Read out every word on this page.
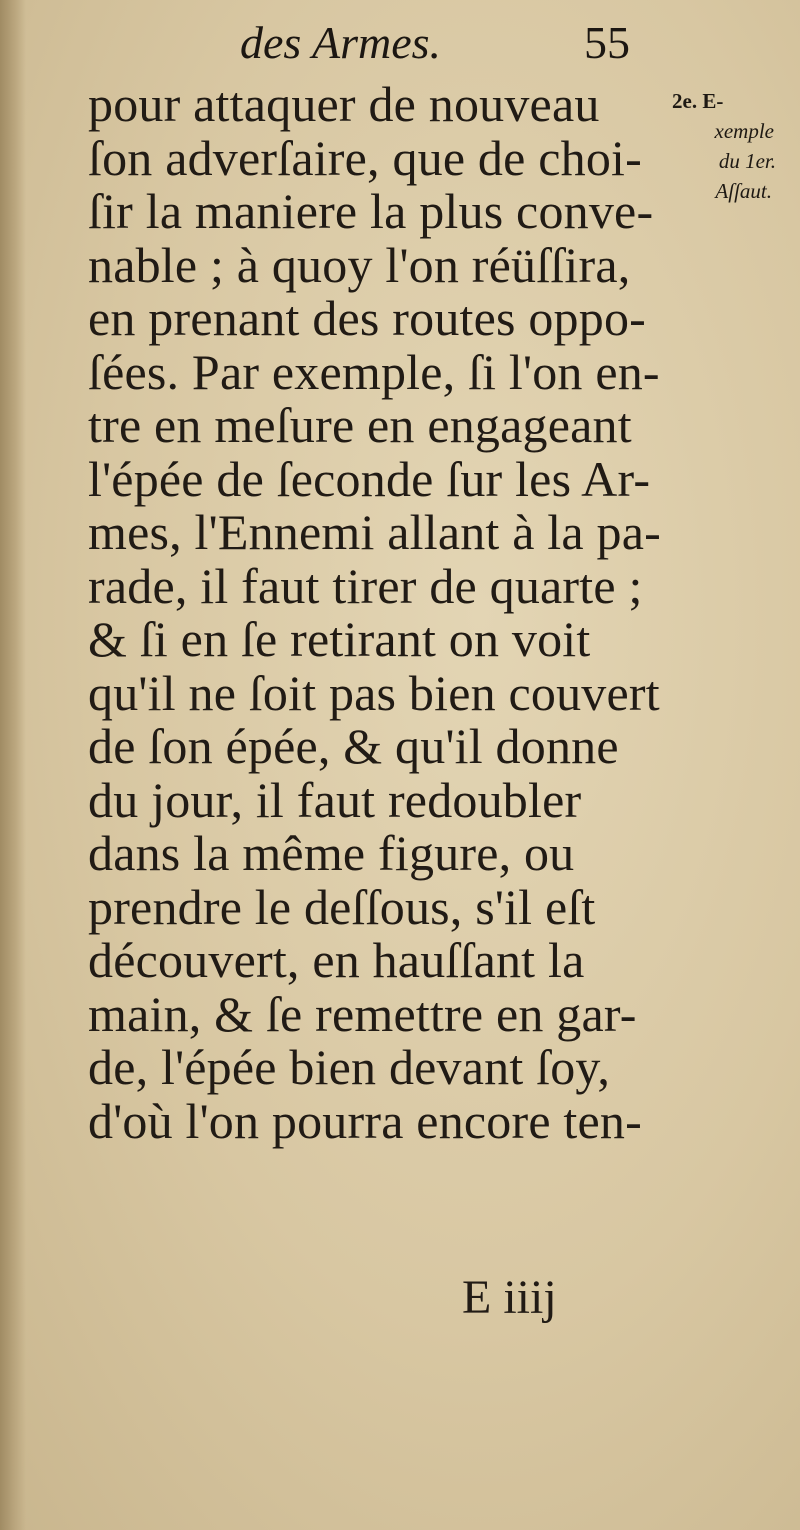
des Armes.	55
2e. E-
xemple
du 1er.
Aſſaut.
pour attaquer de nouveau
ſon adverſaire, que de choi-
ſir la maniere la plus conve-
nable ; à quoy l'on réüſſira,
en prenant des routes oppo-
ſées. Par exemple, ſi l'on en-
tre en meſure en engageant
l'épée de ſeconde ſur les Ar-
mes, l'Ennemi allant à la pa-
rade, il faut tirer de quarte ;
& ſi en ſe retirant on voit
qu'il ne ſoit pas bien couvert
de ſon épée, & qu'il donne
du jour, il faut redoubler
dans la même figure, ou
prendre le deſſous, s'il eſt
découvert, en hauſſant la
main, & ſe remettre en gar-
de, l'épée bien devant ſoy,
d'où l'on pourra encore ten-
E iiij
